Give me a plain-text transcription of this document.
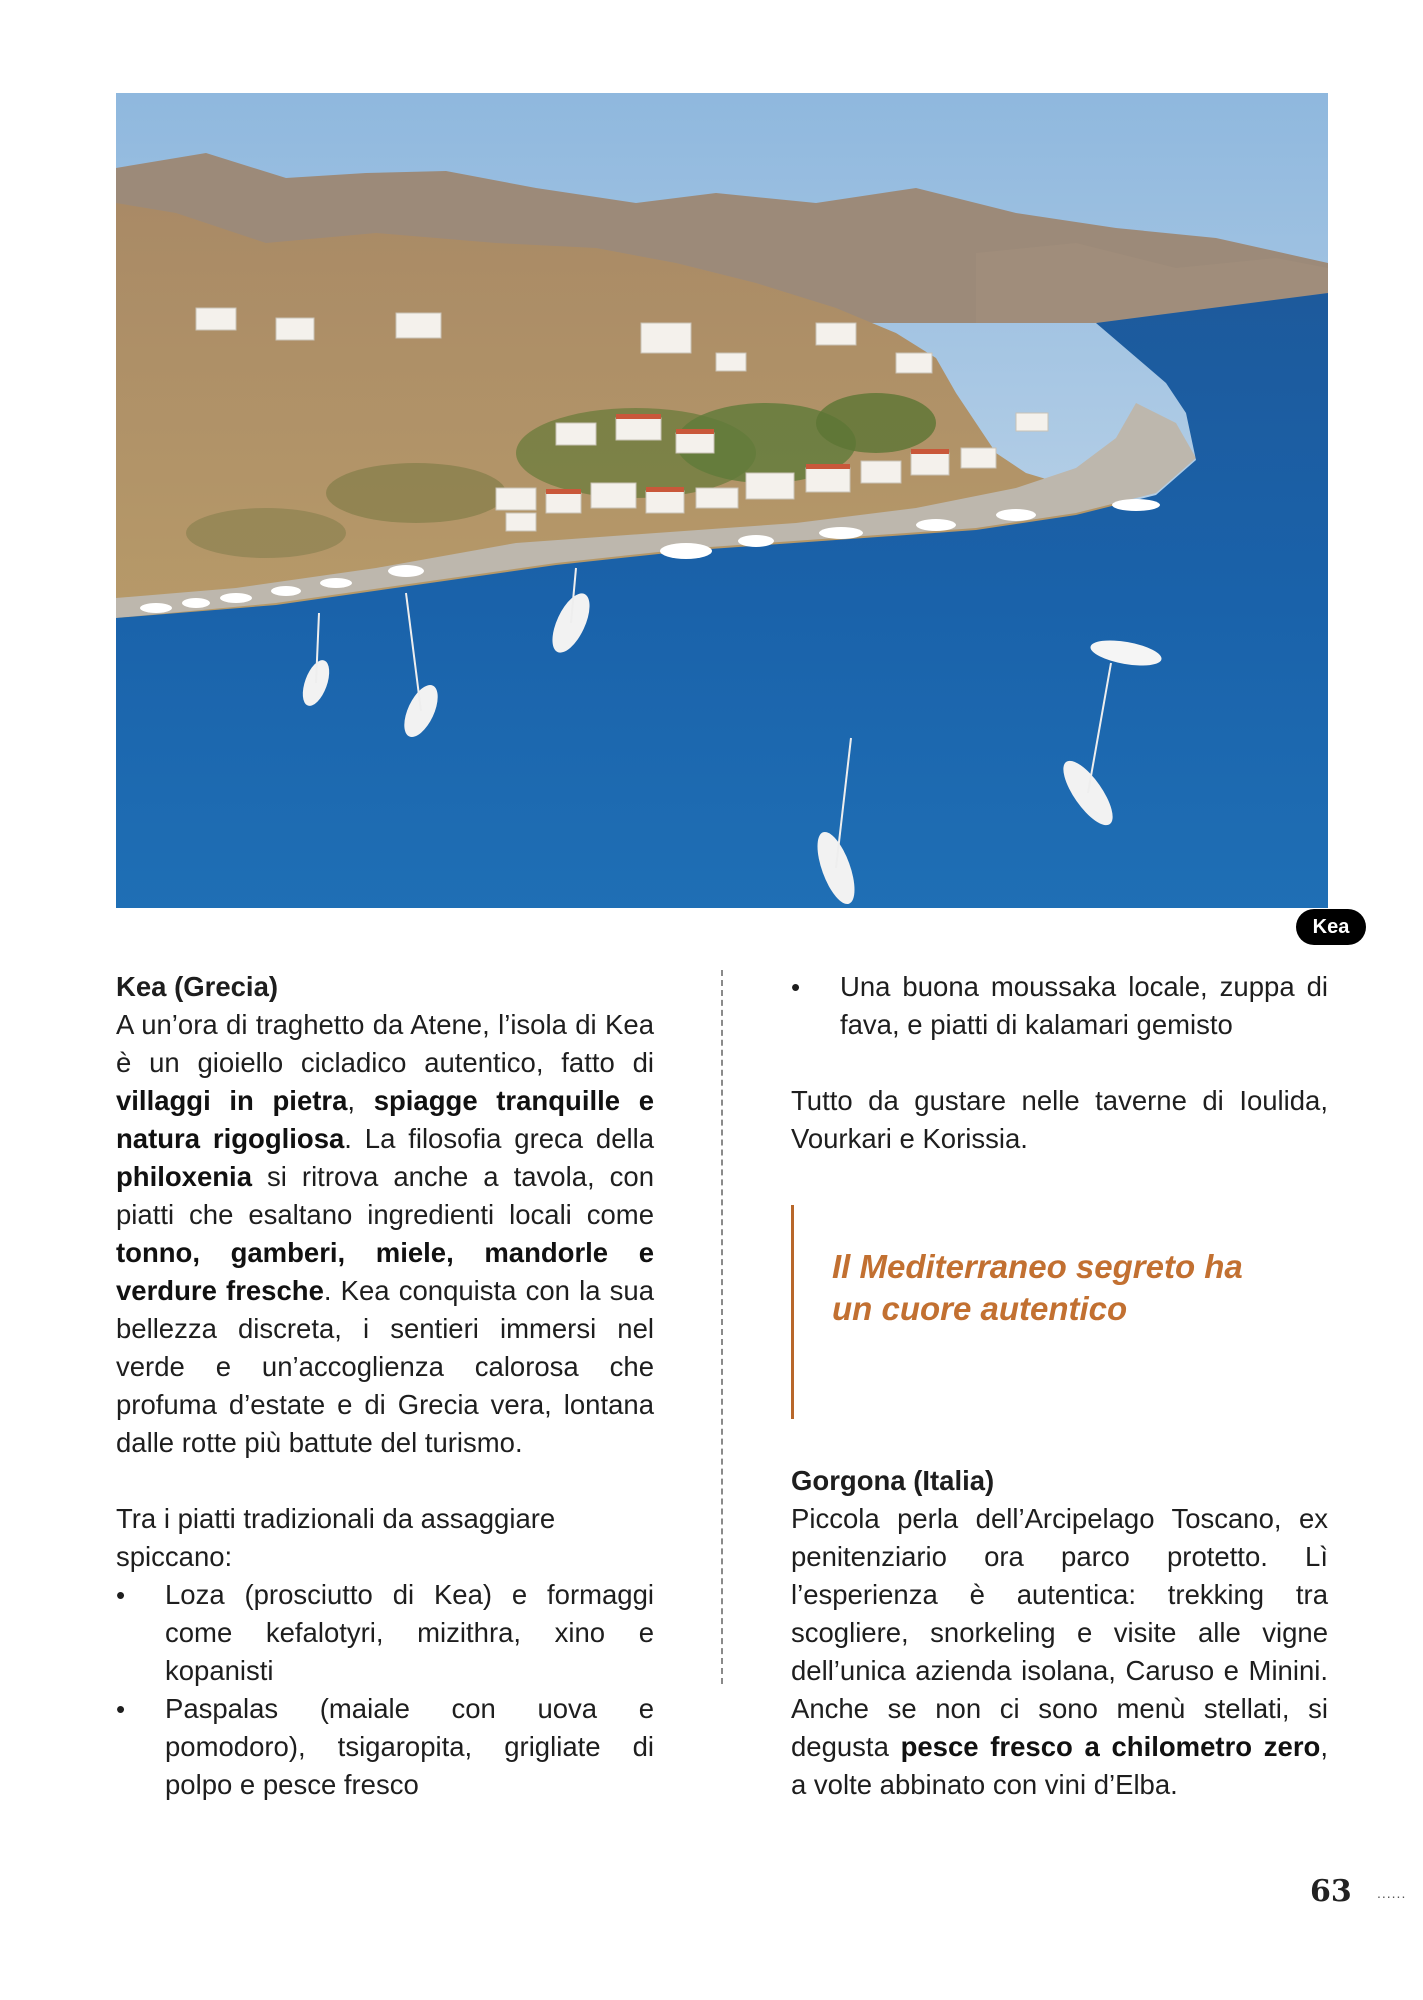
Kea

Kea (Grecia)

A un’ora di traghetto da Atene, l’isola di Kea è un gioiello cicladico autentico, fatto di villaggi in pietra, spiagge tranquille e natura rigogliosa. La filosofia greca della philoxenia si ritrova anche a tavola, con piatti che esaltano ingredienti locali come tonno, gamberi, miele, mandorle e verdure fresche. Kea conquista con la sua bellezza discreta, i sentieri immersi nel verde e un’accoglienza calorosa che profuma d’estate e di Grecia vera, lontana dalle rotte più battute del turismo.

Tra i piatti tradizionali da assaggiare spiccano:

• Loza (prosciutto di Kea) e formaggi come kefalotyri, mizithra, xino e kopanisti
• Paspalas (maiale con uova e pomodoro), tsigaropita, grigliate di polpo e pesce fresco
• Una buona moussaka locale, zuppa di fava, e piatti di kalamari gemisto

Tutto da gustare nelle taverne di Ioulida, Vourkari e Korissia.

Il Mediterraneo segreto ha un cuore autentico

Gorgona (Italia)

Piccola perla dell’Arcipelago Toscano, ex penitenziario ora parco protetto. Lì l’esperienza è autentica: trekking tra scogliere, snorkeling e visite alle vigne dell’unica azienda isolana, Caruso e Minini. Anche se non ci sono menù stellati, si degusta pesce fresco a chilometro zero, a volte abbinato con vini d’Elba.

63 ......
